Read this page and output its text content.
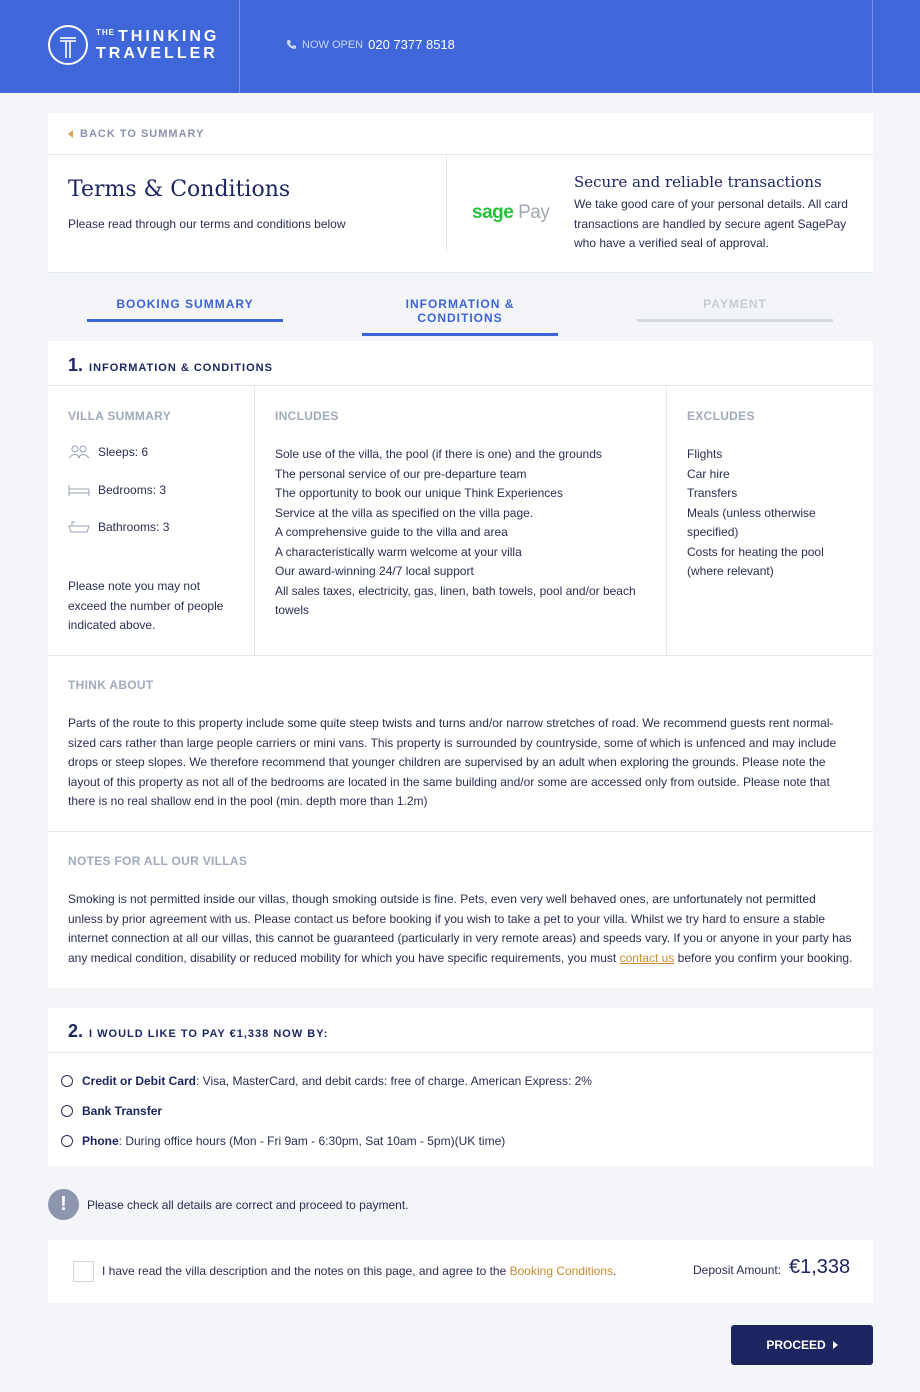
THE THINKING
TRAVELLER
NOW OPEN 020 7377 8518
BACK TO SUMMARY
Terms & Conditions
Please read through our terms and conditions below
sage Pay
Secure and reliable transactions

We take good care of your personal details. All card transactions are handled by secure agent SagePay who have a verified seal of approval.

BOOKING SUMMARY	INFORMATION & CONDITIONS
PAYMENT
1. INFORMATION & CONDITIONS
VILLA SUMMARY
Sleeps: 6
Bedrooms: 3
Bathrooms: 3
Please note you may not exceed the number of people indicated above.
INCLUDES
Sole use of the villa, the pool (if there is one) and the grounds
The personal service of our pre-departure team
The opportunity to book our unique Think Experiences
Service at the villa as specified on the villa page.
A comprehensive guide to the villa and area
A characteristically warm welcome at your villa
Our award-winning 24/7 local support
All sales taxes, electricity, gas, linen, bath towels, pool and/or beach towels
EXCLUDES
Flights
Car hire
Transfers
Meals (unless otherwise specified)
Costs for heating the pool (where relevant)
THINK ABOUT
Parts of the route to this property include some quite steep twists and turns and/or narrow stretches of road. We recommend guests rent normal-sized cars rather than large people carriers or mini vans. This property is surrounded by countryside, some of which is unfenced and may include drops or steep slopes. We therefore recommend that younger children are supervised by an adult when exploring the grounds. Please note the layout of this property as not all of the bedrooms are located in the same building and/or some are accessed only from outside. Please note that there is no real shallow end in the pool (min. depth more than 1.2m)
NOTES FOR ALL OUR VILLAS
Smoking is not permitted inside our villas, though smoking outside is fine. Pets, even very well behaved ones, are unfortunately not permitted unless by prior agreement with us. Please contact us before booking if you wish to take a pet to your villa. Whilst we try hard to ensure a stable internet connection at all our villas, this cannot be guaranteed (particularly in very remote areas) and speeds vary. If you or anyone in your party has any medical condition, disability or reduced mobility for which you have specific requirements, you must contact us before you confirm your booking.
2. I WOULD LIKE TO PAY €1,338 NOW BY:
Credit or Debit Card: Visa, MasterCard, and debit cards: free of charge. American Express: 2%
Bank Transfer
Phone: During office hours (Mon - Fri 9am - 6:30pm, Sat 10am - 5pm)(UK time)
!	Please check all details are correct and proceed to payment.
I have read the villa description and the notes on this page, and agree to the Booking Conditions.	Deposit Amount: €1,338
PROCEED
